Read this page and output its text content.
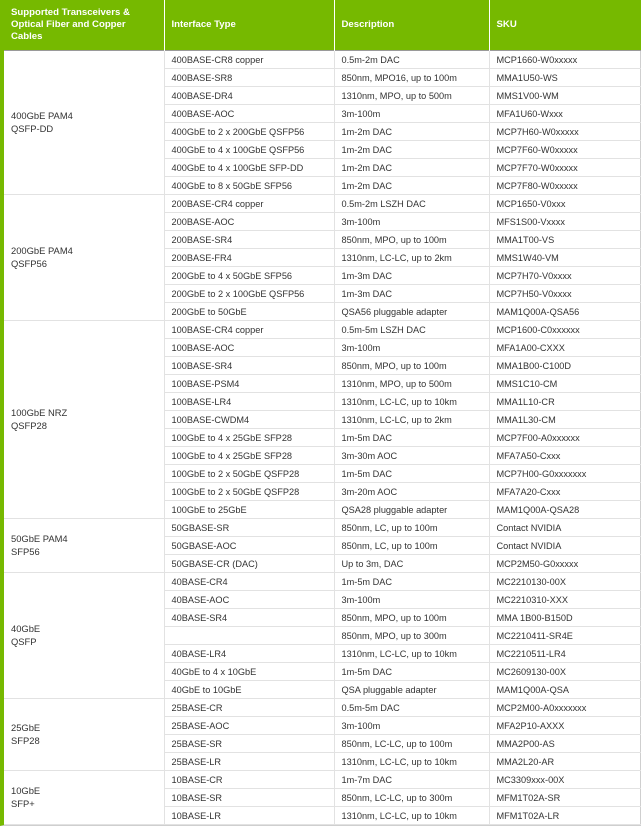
Supported Transceivers & Optical Fiber and Copper Cables	Interface Type	Description	SKU

400GbE PAM4
QSFP-DD	400BASE-CR8 copper	0.5m-2m DAC	MCP1660-W0xxxxx
	400BASE-SR8	850nm, MPO16, up to 100m	MMA1U50-WS
	400BASE-DR4	1310nm, MPO, up to 500m	MMS1V00-WM
	400BASE-AOC	3m-100m	MFA1U60-Wxxx
	400GbE to 2 x 200GbE QSFP56	1m-2m DAC	MCP7H60-W0xxxxx
	400GbE to 4 x 100GbE QSFP56	1m-2m DAC	MCP7F60-W0xxxxx
	400GbE to 4 x 100GbE SFP-DD	1m-2m DAC	MCP7F70-W0xxxxx
	400GbE to 8 x 50GbE SFP56	1m-2m DAC	MCP7F80-W0xxxxx

200GbE PAM4
QSFP56	200BASE-CR4 copper	0.5m-2m LSZH DAC	MCP1650-V0xxx
	200BASE-AOC	3m-100m	MFS1S00-Vxxxx
	200BASE-SR4	850nm, MPO, up to 100m	MMA1T00-VS
	200BASE-FR4	1310nm, LC-LC, up to 2km	MMS1W40-VM
	200GbE to 4 x 50GbE SFP56	1m-3m DAC	MCP7H70-V0xxxx
	200GbE to 2 x 100GbE QSFP56	1m-3m DAC	MCP7H50-V0xxxx
	200GbE to 50GbE	QSA56 pluggable adapter	MAM1Q00A-QSA56

100GbE NRZ
QSFP28	100BASE-CR4 copper	0.5m-5m LSZH DAC	MCP1600-C0xxxxxx
	100BASE-AOC	3m-100m	MFA1A00-CXXX
	100BASE-SR4	850nm, MPO, up to 100m	MMA1B00-C100D
	100BASE-PSM4	1310nm, MPO, up to 500m	MMS1C10-CM
	100BASE-LR4	1310nm, LC-LC, up to 10km	MMA1L10-CR
	100BASE-CWDM4	1310nm, LC-LC, up to 2km	MMA1L30-CM
	100GbE to 4 x 25GbE SFP28	1m-5m DAC	MCP7F00-A0xxxxxx
	100GbE to 4 x 25GbE SFP28	3m-30m AOC	MFA7A50-Cxxx
	100GbE to 2 x 50GbE QSFP28	1m-5m DAC	MCP7H00-G0xxxxxxx
	100GbE to 2 x 50GbE QSFP28	3m-20m AOC	MFA7A20-Cxxx
	100GbE to 25GbE	QSA28 pluggable adapter	MAM1Q00A-QSA28

50GbE PAM4
SFP56	50GBASE-SR	850nm, LC, up to 100m	Contact NVIDIA
	50GBASE-AOC	850nm, LC, up to 100m	Contact NVIDIA
	50GBASE-CR (DAC)	Up to 3m, DAC	MCP2M50-G0xxxxx

40GbE
QSFP	40BASE-CR4	1m-5m DAC	MC2210130-00X
	40BASE-AOC	3m-100m	MC2210310-XXX
	40BASE-SR4	850nm, MPO, up to 100m	MMA 1B00-B150D
		850nm, MPO, up to 300m	MC2210411-SR4E
	40BASE-LR4	1310nm, LC-LC, up to 10km	MC2210511-LR4
	40GbE to 4 x 10GbE	1m-5m DAC	MC2609130-00X
	40GbE to 10GbE	QSA pluggable adapter	MAM1Q00A-QSA

25GbE
SFP28	25BASE-CR	0.5m-5m DAC	MCP2M00-A0xxxxxxx
	25BASE-AOC	3m-100m	MFA2P10-AXXX
	25BASE-SR	850nm, LC-LC, up to 100m	MMA2P00-AS
	25BASE-LR	1310nm, LC-LC, up to 10km	MMA2L20-AR

10GbE
SFP+	10BASE-CR	1m-7m DAC	MC3309xxx-00X
	10BASE-SR	850nm, LC-LC, up to 300m	MFM1T02A-SR
	10BASE-LR	1310nm, LC-LC, up to 10km	MFM1T02A-LR
